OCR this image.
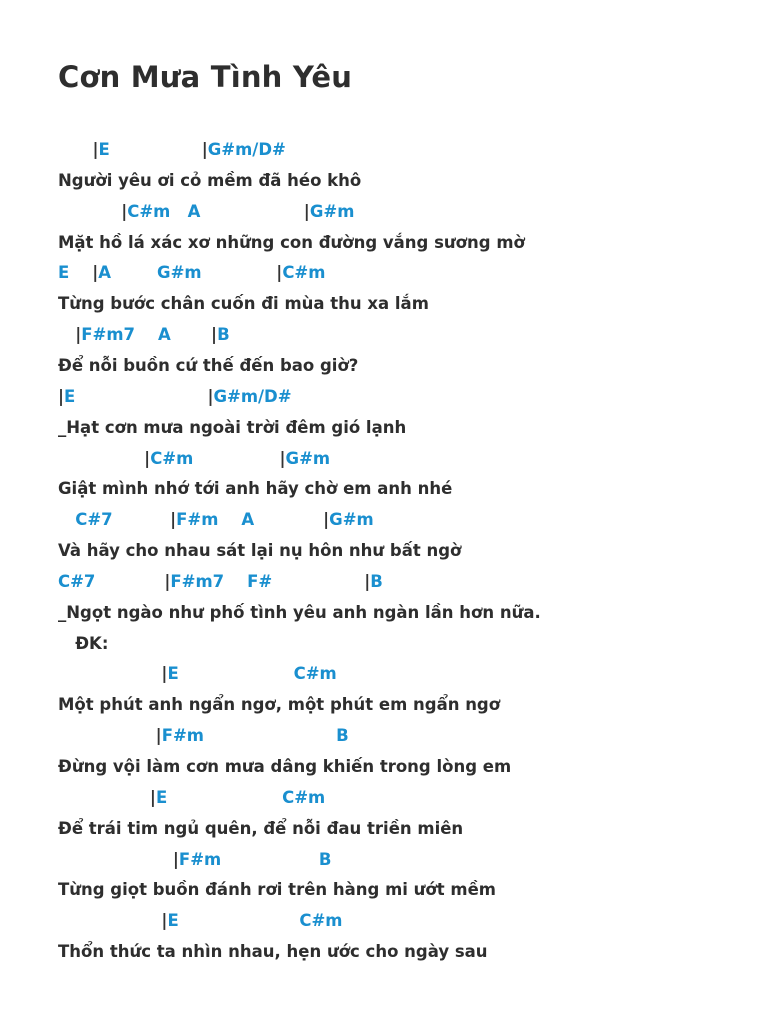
Cơn Mưa Tình Yêu
|E	|G#m/D#
Người yêu ơi cỏ mềm đã héo khô
|C#m A	|G#m
Mặt hồ lá xác xơ những con đường vắng sương mờ
E |A	G#m	|C#m
Từng bước chân cuốn đi mùa thu xa lắm
|F#m7 A |B
Để nỗi buồn cứ thế đến bao giờ?
|E	|G#m/D#
_Hạt cơn mưa ngoài trời đêm gió lạnh
|C#m	|G#m
Giật mình nhớ tới anh hãy chờ em anh nhé
C#7	|F#m A	|G#m
Và hãy cho nhau sát lại nụ hôn như bất ngờ
C#7	|F#m7 F#	|B
_Ngọt ngào như phố tình yêu anh ngàn lần hơn nữa.
ĐK:
|E	C#m
Một phút anh ngẩn ngơ, một phút em ngẩn ngơ
|F#m	B
Đừng vội làm cơn mưa dâng khiến trong lòng em
|E	C#m
Để trái tim ngủ quên, để nỗi đau triền miên
|F#m	B
Từng giọt buồn đánh rơi trên hàng mi ướt mềm
|E	C#m
Thổn thức ta nhìn nhau, hẹn ước cho ngày sau
